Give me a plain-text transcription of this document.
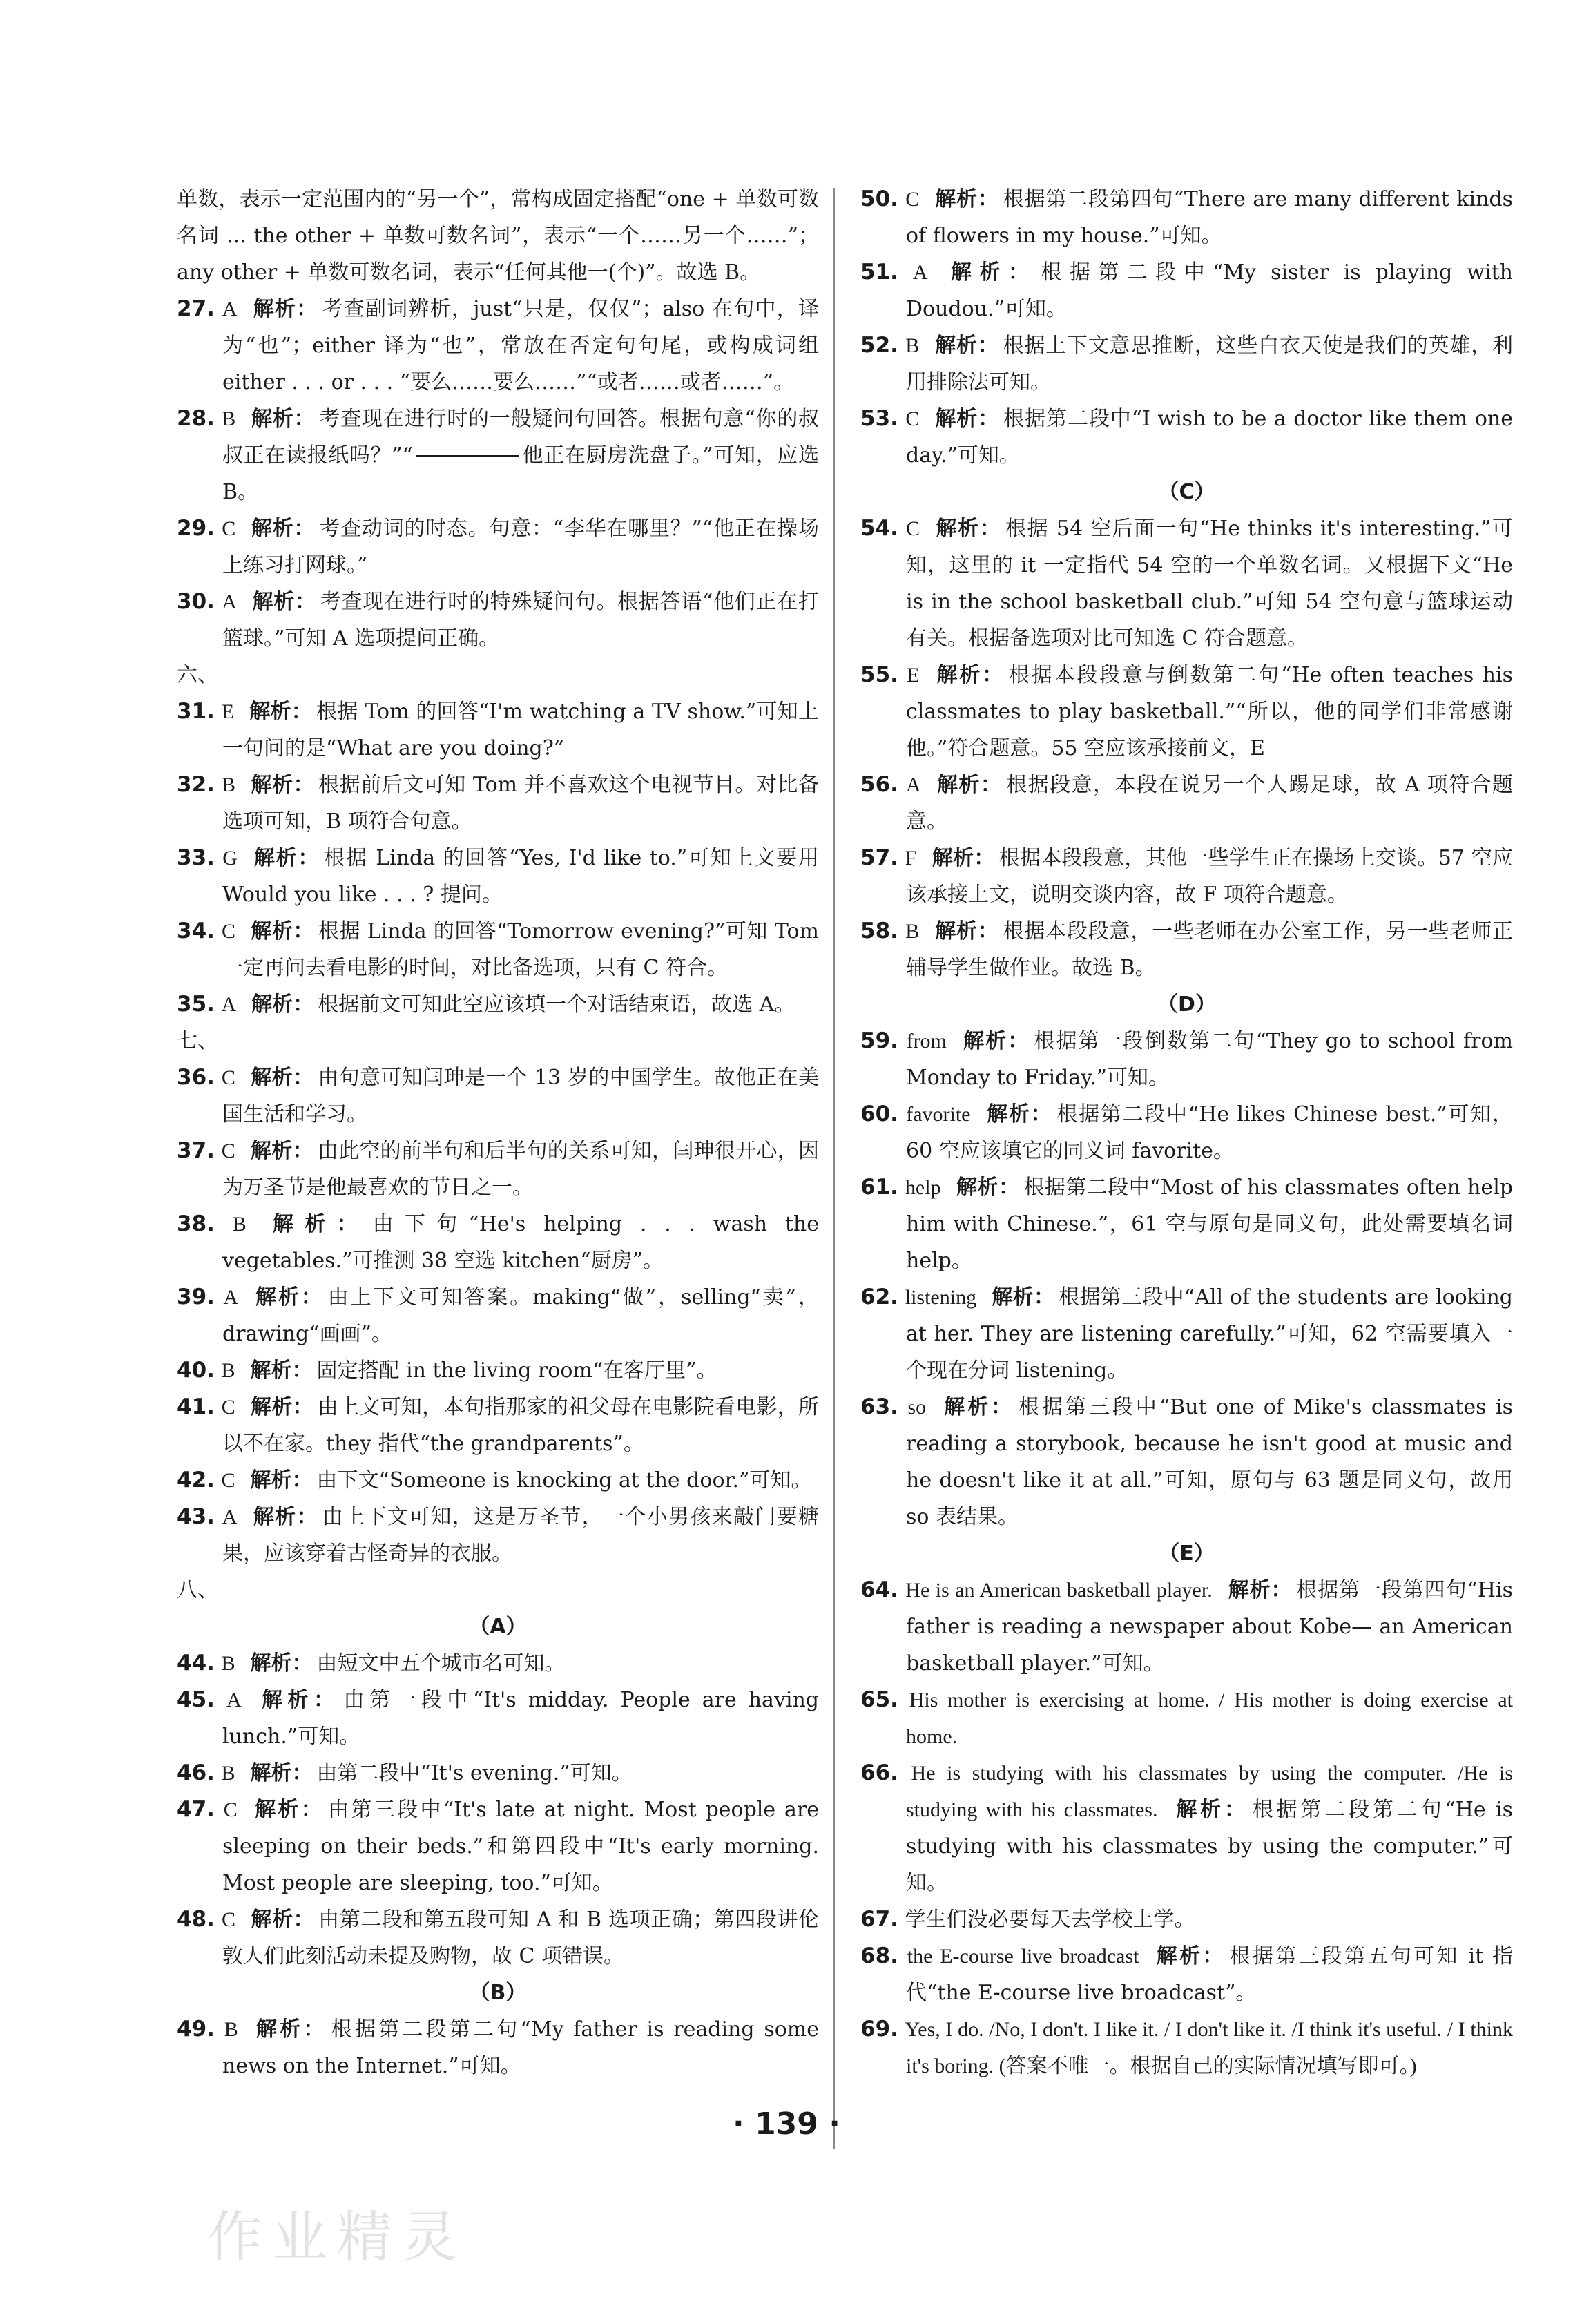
单数，表示一定范围内的“另一个”，常构成固定搭配“one + 单数可数名词 ... the other + 单数可数名词”，表示“一个……另一个……”；any other + 单数可数名词，表示“任何其他一(个)”。故选 B。

27. A 解析： 考查副词辨析，just“只是，仅仅”；also 在句中，译为“也”；either 译为“也”，常放在否定句句尾，或构成词组 either . . . or . . . “要么……要么……”“或者……或者……”。

28. B 解析： 考查现在进行时的一般疑问句回答。根据句意“你的叔叔正在读报纸吗？”“	他正在厨房洗盘子。”可知，应选 B。

29. C 解析： 考查动词的时态。句意：“李华在哪里？”“他正在操场上练习打网球。”

30. A 解析： 考查现在进行时的特殊疑问句。根据答语“他们正在打篮球。”可知 A 选项提问正确。

六、

31. E 解析： 根据 Tom 的回答“I'm watching a TV show.”可知上一句问的是“What are you doing?”

32. B 解析： 根据前后文可知 Tom 并不喜欢这个电视节目。对比备选项可知，B 项符合句意。

33. G 解析： 根据 Linda 的回答“Yes, I'd like to.”可知上文要用 Would you like . . . ? 提问。

34. C 解析： 根据 Linda 的回答“Tomorrow evening?”可知 Tom 一定再问去看电影的时间，对比备选项，只有 C 符合。

35. A 解析： 根据前文可知此空应该填一个对话结束语，故选 A。

七、

36. C 解析： 由句意可知闫珅是一个 13 岁的中国学生。故他正在美国生活和学习。

37. C 解析： 由此空的前半句和后半句的关系可知，闫珅很开心，因为万圣节是他最喜欢的节日之一。

38. B 解析： 由下句“He's helping . . . wash the vegetables.”可推测 38 空选 kitchen“厨房”。

39. A 解析： 由上下文可知答案。making“做”，selling“卖”，drawing“画画”。

40. B 解析： 固定搭配 in the living room“在客厅里”。

41. C 解析： 由上文可知，本句指那家的祖父母在电影院看电影，所以不在家。they 指代“the grandparents”。

42. C 解析： 由下文“Someone is knocking at the door.”可知。

43. A 解析： 由上下文可知，这是万圣节，一个小男孩来敲门要糖果，应该穿着古怪奇异的衣服。

八、

（A）

44. B 解析： 由短文中五个城市名可知。

45. A 解析： 由第一段中“It's midday. People are having lunch.”可知。

46. B 解析： 由第二段中“It's evening.”可知。

47. C 解析： 由第三段中“It's late at night. Most people are sleeping on their beds.”和第四段中“It's early morning. Most people are sleeping, too.”可知。

48. C 解析： 由第二段和第五段可知 A 和 B 选项正确；第四段讲伦敦人们此刻活动未提及购物，故 C 项错误。

（B）

49. B 解析： 根据第二段第二句“My father is reading some news on the Internet.”可知。

50. C 解析： 根据第二段第四句“There are many different kinds of flowers in my house.”可知。

51. A 解析： 根据第二段中“My sister is playing with Doudou.”可知。

52. B 解析： 根据上下文意思推断，这些白衣天使是我们的英雄，利用排除法可知。

53. C 解析： 根据第二段中“I wish to be a doctor like them one day.”可知。

（C）

54. C 解析： 根据 54 空后面一句“He thinks it's interesting.”可知，这里的 it 一定指代 54 空的一个单数名词。又根据下文“He is in the school basketball club.”可知 54 空句意与篮球运动有关。根据备选项对比可知选 C 符合题意。

55. E 解析： 根据本段段意与倒数第二句“He often teaches his classmates to play basketball.”“所以，他的同学们非常感谢他。”符合题意。55 空应该承接前文，E

56. A 解析： 根据段意，本段在说另一个人踢足球，故 A 项符合题意。

57. F 解析： 根据本段段意，其他一些学生正在操场上交谈。57 空应该承接上文，说明交谈内容，故 F 项符合题意。

58. B 解析： 根据本段段意，一些老师在办公室工作，另一些老师正辅导学生做作业。故选 B。

（D）

59. from 解析： 根据第一段倒数第二句“They go to school from Monday to Friday.”可知。

60. favorite 解析： 根据第二段中“He likes Chinese best.”可知，60 空应该填它的同义词 favorite。

61. help 解析： 根据第二段中“Most of his classmates often help him with Chinese.”，61 空与原句是同义句，此处需要填名词 help。

62. listening 解析： 根据第三段中“All of the students are looking at her. They are listening carefully.”可知，62 空需要填入一个现在分词 listening。

63. so 解析： 根据第三段中“But one of Mike's classmates is reading a storybook, because he isn't good at music and he doesn't like it at all.”可知，原句与 63 题是同义句，故用 so 表结果。

（E）

64. He is an American basketball player. 解析： 根据第一段第四句“His father is reading a newspaper about Kobe— an American basketball player.”可知。

65. His mother is exercising at home. / His mother is doing exercise at home.

66. He is studying with his classmates by using the computer. /He is studying with his classmates. 解析： 根据第二段第二句“He is studying with his classmates by using the computer.”可知。

67. 学生们没必要每天去学校上学。

68. the E-course live broadcast 解析： 根据第三段第五句可知 it 指代“the E-course live broadcast”。

69. Yes, I do. /No, I don't. I like it. / I don't like it. /I think it's useful. / I think it's boring. (答案不唯一。根据自己的实际情况填写即可。)

· 139 ·
作业精灵
